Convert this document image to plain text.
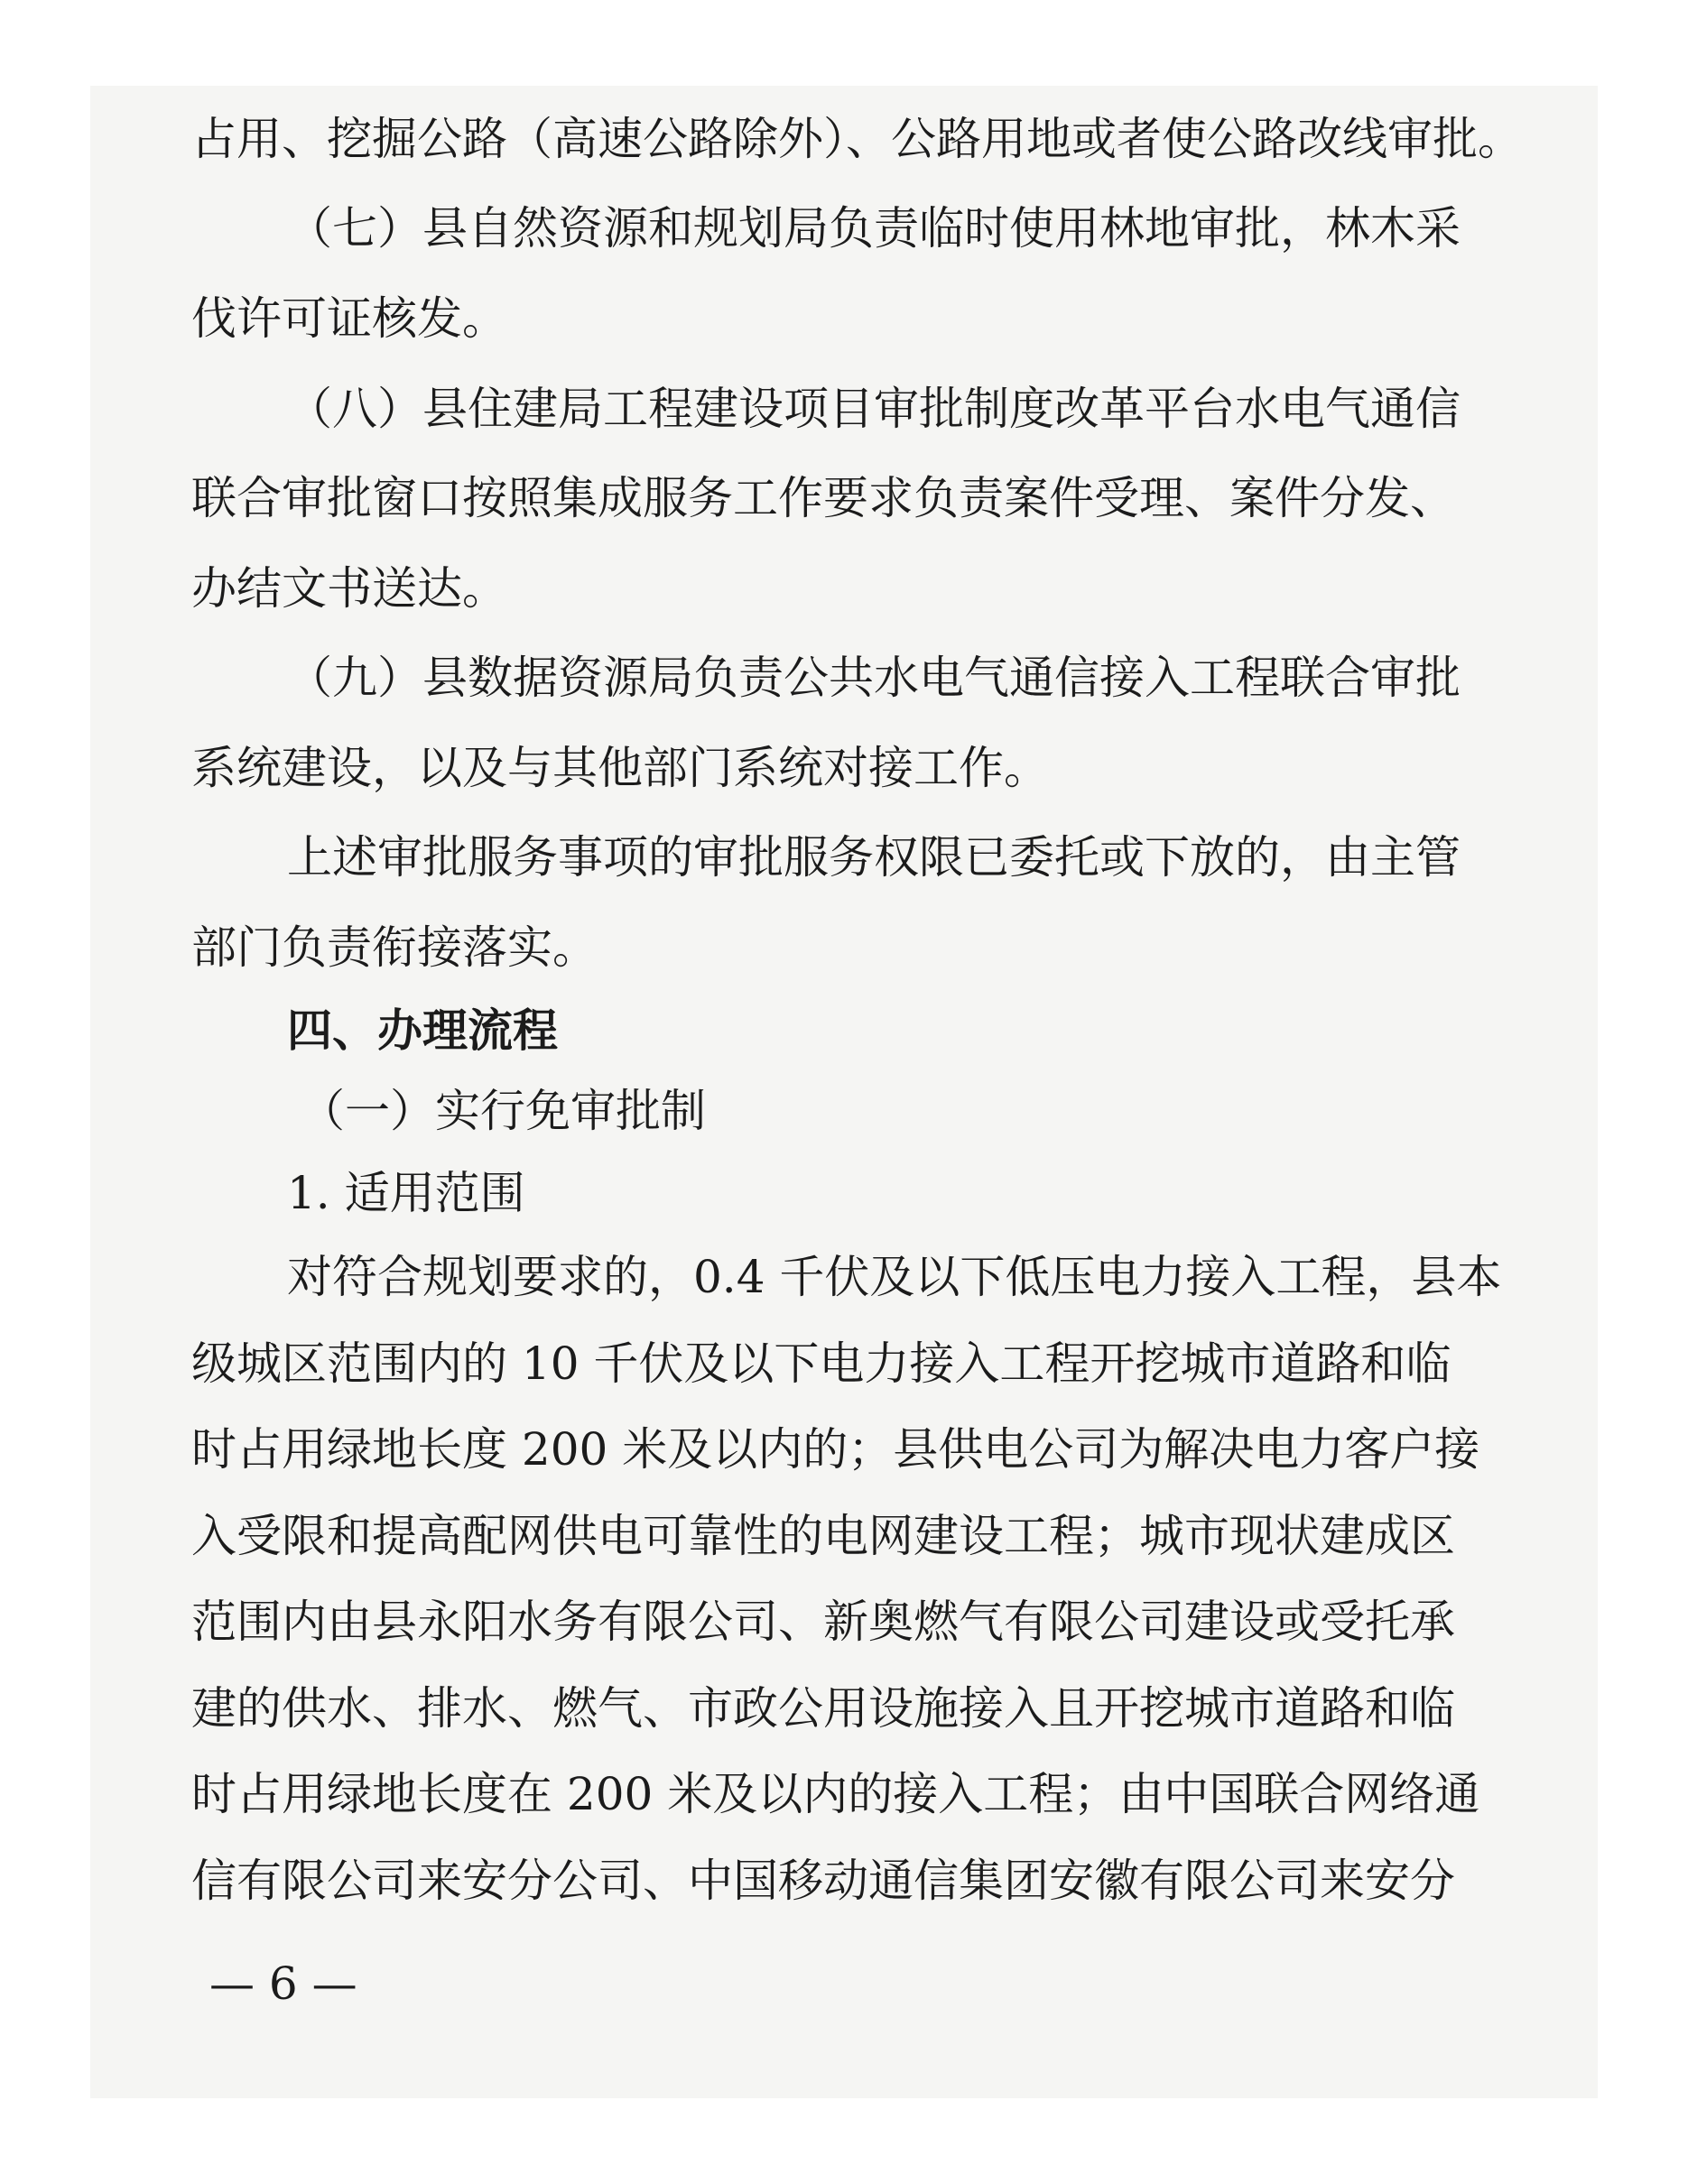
占用、挖掘公路（高速公路除外）、公路用地或者使公路改线审批。

（七）县自然资源和规划局负责临时使用林地审批，林木采

伐许可证核发。

（八）县住建局工程建设项目审批制度改革平台水电气通信

联合审批窗口按照集成服务工作要求负责案件受理、案件分发、

办结文书送达。

（九）县数据资源局负责公共水电气通信接入工程联合审批

系统建设，以及与其他部门系统对接工作。

上述审批服务事项的审批服务权限已委托或下放的，由主管

部门负责衔接落实。

四、办理流程

（一）实行免审批制

1. 适用范围

对符合规划要求的，0.4 千伏及以下低压电力接入工程，县本

级城区范围内的 10 千伏及以下电力接入工程开挖城市道路和临

时占用绿地长度 200 米及以内的；县供电公司为解决电力客户接

入受限和提高配网供电可靠性的电网建设工程；城市现状建成区

范围内由县永阳水务有限公司、新奥燃气有限公司建设或受托承

建的供水、排水、燃气、市政公用设施接入且开挖城市道路和临

时占用绿地长度在 200 米及以内的接入工程；由中国联合网络通

信有限公司来安分公司、中国移动通信集团安徽有限公司来安分

— 6 —
